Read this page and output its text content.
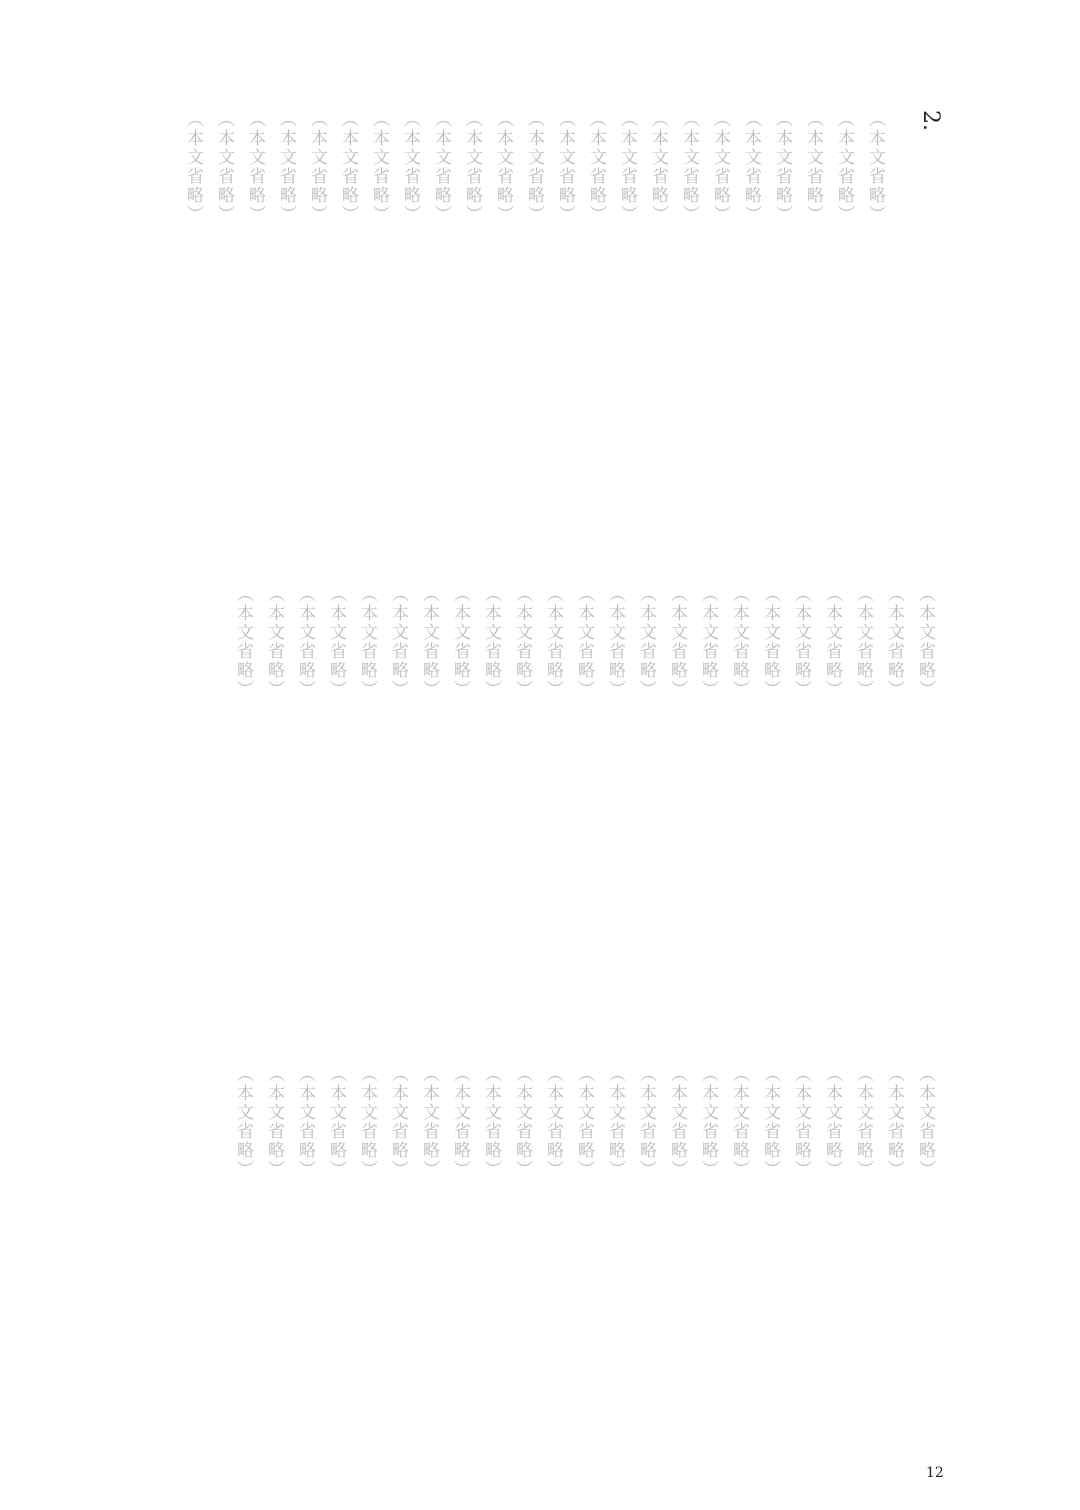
2.
（本文省略）
（本文省略）
（本文省略）
（本文省略）
（本文省略）
（本文省略）
（本文省略）
（本文省略）
（本文省略）
（本文省略）
（本文省略）
（本文省略）
（本文省略）
（本文省略）
（本文省略）
（本文省略）
（本文省略）
（本文省略）
（本文省略）
（本文省略）
（本文省略）
（本文省略）
（本文省略）
（本文省略）
（本文省略）
（本文省略）
（本文省略）
（本文省略）
（本文省略）
（本文省略）
（本文省略）
（本文省略）
（本文省略）
（本文省略）
（本文省略）
（本文省略）
（本文省略）
（本文省略）
（本文省略）
（本文省略）
（本文省略）
（本文省略）
（本文省略）
（本文省略）
（本文省略）
（本文省略）
（本文省略）
（本文省略）
（本文省略）
（本文省略）
（本文省略）
（本文省略）
（本文省略）
（本文省略）
（本文省略）
（本文省略）
（本文省略）
（本文省略）
（本文省略）
（本文省略）
（本文省略）
（本文省略）
（本文省略）
（本文省略）
（本文省略）
（本文省略）
（本文省略）
（本文省略）
（本文省略）
12
